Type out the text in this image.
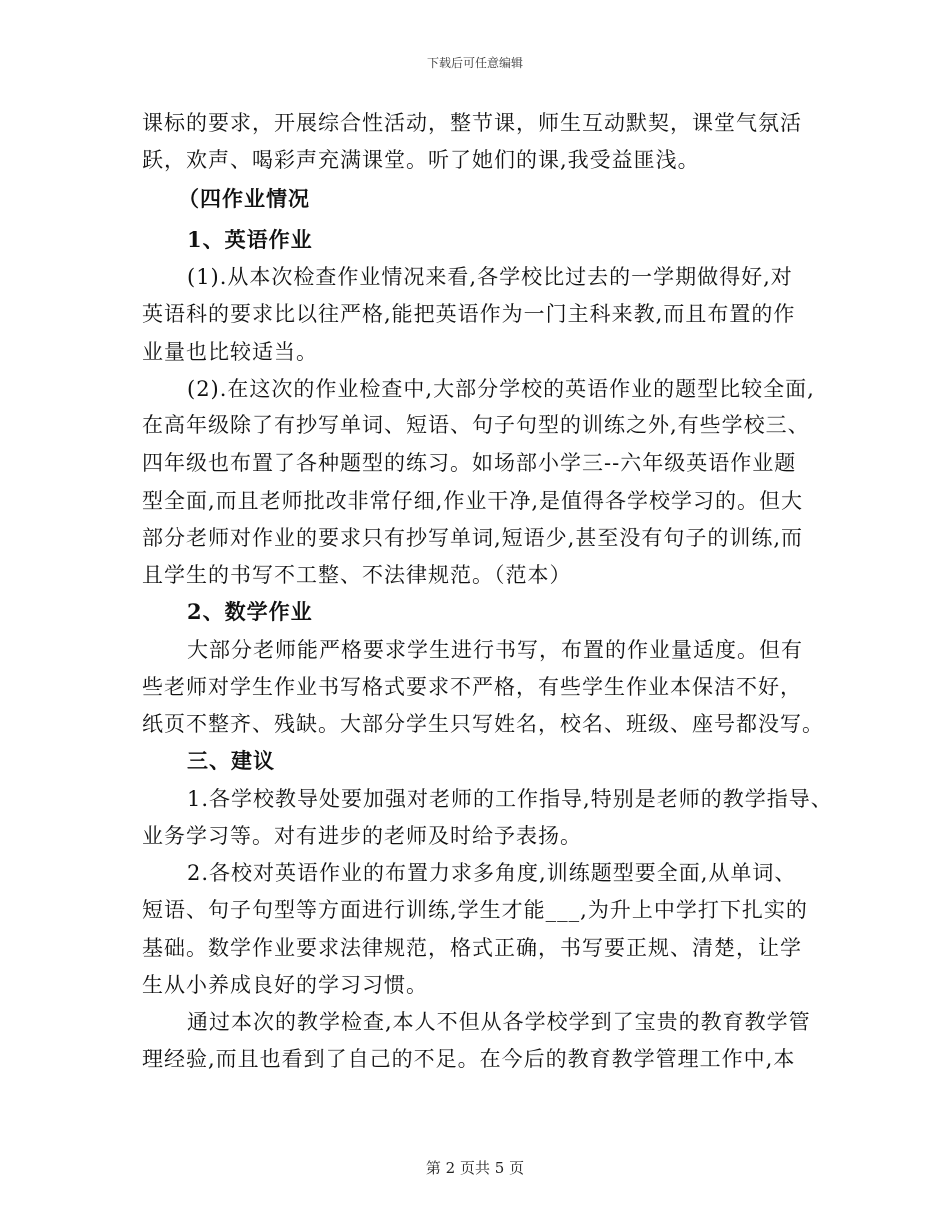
下载后可任意编辑
课标的要求，开展综合性活动，整节课，师生互动默契，课堂气氛活
跃，欢声、喝彩声充满课堂。听了她们的课,我受益匪浅。
（四作业情况
1、英语作业
(1).从本次检查作业情况来看,各学校比过去的一学期做得好,对
英语科的要求比以往严格,能把英语作为一门主科来教,而且布置的作
业量也比较适当。
(2).在这次的作业检查中,大部分学校的英语作业的题型比较全面,
在高年级除了有抄写单词、短语、句子句型的训练之外,有些学校三、
四年级也布置了各种题型的练习。如场部小学三--六年级英语作业题
型全面,而且老师批改非常仔细,作业干净,是值得各学校学习的。但大
部分老师对作业的要求只有抄写单词,短语少,甚至没有句子的训练,而
且学生的书写不工整、不法律规范。（范本）
2、数学作业
大部分老师能严格要求学生进行书写，布置的作业量适度。但有
些老师对学生作业书写格式要求不严格，有些学生作业本保洁不好，
纸页不整齐、残缺。大部分学生只写姓名，校名、班级、座号都没写。
三、建议
1.各学校教导处要加强对老师的工作指导,特别是老师的教学指导、
业务学习等。对有进步的老师及时给予表扬。
2.各校对英语作业的布置力求多角度,训练题型要全面,从单词、
短语、句子句型等方面进行训练,学生才能___,为升上中学打下扎实的
基础。数学作业要求法律规范，格式正确，书写要正规、清楚，让学
生从小养成良好的学习习惯。
通过本次的教学检查,本人不但从各学校学到了宝贵的教育教学管
理经验,而且也看到了自己的不足。在今后的教育教学管理工作中,本
第 2 页共 5 页
